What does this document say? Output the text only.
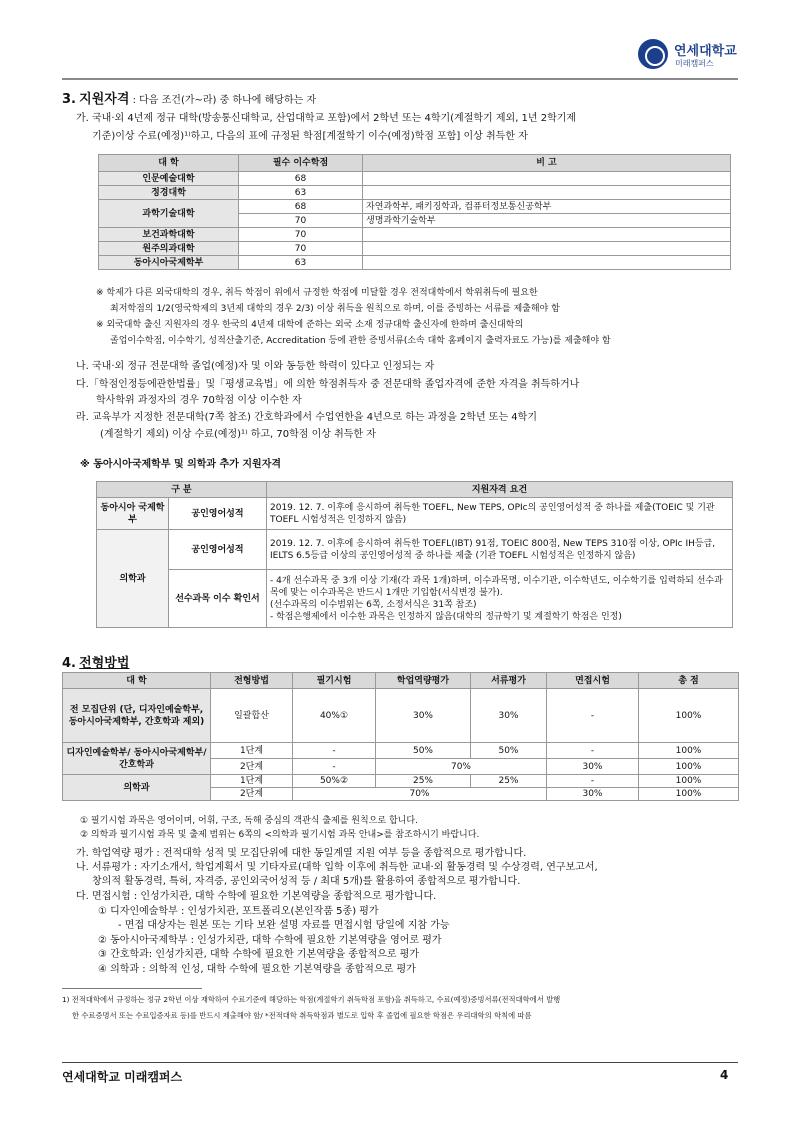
연세대학교
미래캠퍼스
3. 지원자격 : 다음 조건(가~라) 중 하나에 해당하는 자
가. 국내·외 4년제 정규 대학(방송통신대학교, 산업대학교 포함)에서 2학년 또는 4학기(계절학기 제외, 1년 2학기제
기준)이상 수료(예정)¹⁾하고, 다음의 표에 규정된 학점[계절학기 이수(예정)학점 포함] 이상 취득한 자
대 학	필수 이수학점	비 고
인문예술대학	68	
정경대학	63	
과학기술대학	68	자연과학부, 패키징학과, 컴퓨터정보통신공학부
	70	생명과학기술학부
보건과학대학	70	
원주의과대학	70	
동아시아국제학부	63	
※ 학제가 다른 외국대학의 경우, 취득 학점이 위에서 규정한 학점에 미달할 경우 전적대학에서 학위취득에 필요한
최저학점의 1/2(영국학제의 3년제 대학의 경우 2/3) 이상 취득을 원칙으로 하며, 이를 증빙하는 서류를 제출해야 함
※ 외국대학 출신 지원자의 경우 한국의 4년제 대학에 준하는 외국 소재 정규대학 출신자에 한하며 출신대학의
졸업이수학점, 이수학기, 성적산출기준, Accreditation 등에 관한 증빙서류(소속 대학 홈페이지 출력자료도 가능)를 제출해야 함
나. 국내·외 정규 전문대학 졸업(예정)자 및 이와 동등한 학력이 있다고 인정되는 자
다.「학점인정등에관한법률」및「평생교육법」에 의한 학점취득자 중 전문대학 졸업자격에 준한 자격을 취득하거나
학사학위 과정자의 경우 70학점 이상 이수한 자
라. 교육부가 지정한 전문대학(7쪽 참조) 간호학과에서 수업연한을 4년으로 하는 과정을 2학년 또는 4학기
(계절학기 제외) 이상 수료(예정)¹⁾ 하고, 70학점 이상 취득한 자
※ 동아시아국제학부 및 의학과 추가 지원자격
구 분		지원자격 요건
동아시아 국제학부	공인영어성적	2019. 12. 7. 이후에 응시하여 취득한 TOEFL, New TEPS, OPIc의 공인영어성적 중 하나를 제출(TOEIC 및 기관 TOEFL 시험성적은 인정하지 않음)
의학과	공인영어성적	2019. 12. 7. 이후에 응시하여 취득한 TOEFL(IBT) 91점, TOEIC 800점, New TEPS 310점 이상, OPIc IH등급, IELTS 6.5등급 이상의 공인영어성적 중 하나를 제출 (기관 TOEFL 시험성적은 인정하지 않음)
	선수과목 이수 확인서	- 4개 선수과목 중 3개 이상 기재(각 과목 1개)하며, 이수과목명, 이수기관, 이수학년도, 이수학기를 입력하되 선수과목에 맞는 이수과목은 반드시 1개만 기입함(서식변경 불가).
(선수과목의 이수범위는 6쪽, 소정서식은 31쪽 참조)
- 학점은행제에서 이수한 과목은 인정하지 않음(대학의 정규학기 및 계절학기 학점은 인정)
4. 전형방법
대 학	전형방법	필기시험	학업역량평가	서류평가	면접시험	총 점
전 모집단위 (단, 디자인예술학부, 동아시아국제학부, 간호학과 제외)	일괄합산	40%①	30%	30%	-	100%
디자인예술학부/ 동아시아국제학부/간호학과	1단계	-	50%	50%	-	100%
	2단계	-	70%		30%	100%
의학과	1단계	50%②	25%	25%	-	100%
	2단계	70%			30%	100%
① 필기시험 과목은 영어이며, 어휘, 구조, 독해 중심의 객관식 출제를 원칙으로 합니다.
② 의학과 필기시험 과목 및 출제 범위는 6쪽의 <의학과 필기시험 과목 안내>를 참조하시기 바랍니다.
가. 학업역량 평가 : 전적대학 성적 및 모집단위에 대한 동일계열 지원 여부 등을 종합적으로 평가합니다.
나. 서류평가 : 자기소개서, 학업계획서 및 기타자료(대학 입학 이후에 취득한 교내·외 활동경력 및 수상경력, 연구보고서,
창의적 활동경력, 특허, 자격증, 공인외국어성적 등 / 최대 5개)를 활용하여 종합적으로 평가합니다.
다. 면접시험 : 인성가치관, 대학 수학에 필요한 기본역량을 종합적으로 평가합니다.
① 디자인예술학부 : 인성가치관, 포트폴리오(본인작품 5종) 평가
- 면접 대상자는 원본 또는 기타 보완 설명 자료를 면접시험 당일에 지참 가능
② 동아시아국제학부 : 인성가치관, 대학 수학에 필요한 기본역량을 영어로 평가
③ 간호학과: 인성가치관, 대학 수학에 필요한 기본역량을 종합적으로 평가
④ 의학과 : 의학적 인성, 대학 수학에 필요한 기본역량을 종합적으로 평가
1) 전적대학에서 규정하는 정규 2학년 이상 재학하여 수료기준에 해당하는 학점(계절학기 취득학점 포함)을 취득하고, 수료(예정)증빙서류(전적대학에서 발행
한 수료증명서 또는 수료입증자료 등)를 반드시 제출해야 함/ *전적대학 취득학점과 별도로 입학 후 졸업에 필요한 학점은 우리대학의 학칙에 따름
연세대학교 미래캠퍼스	4
